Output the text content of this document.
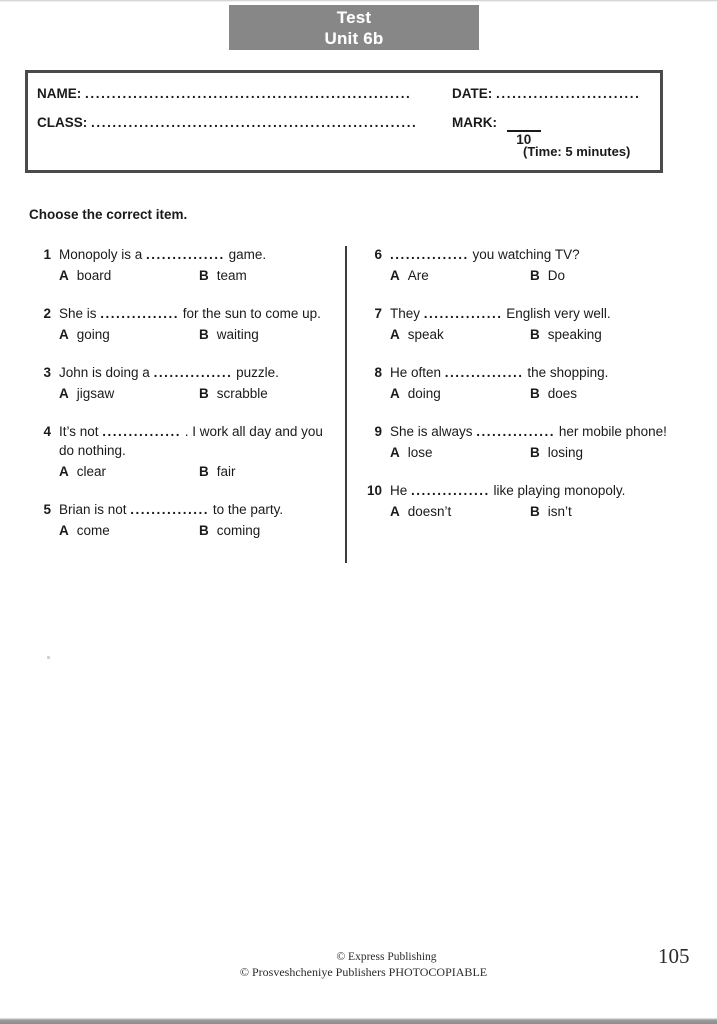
Test
Unit 6b
NAME: .............................................................
CLASS: .............................................................
DATE: ...........................
MARK:
10
(Time: 5 minutes)
Choose the correct item.
1 Monopoly is a ............... game.
A board	B team
2 She is ............... for the sun to come up.
A going	B waiting
3 John is doing a ............... puzzle.
A jigsaw	B scrabble
4 It’s not ............... . I work all day and you do nothing.
A clear	B fair
5 Brian is not ............... to the party.
A come	B coming
6 ............... you watching TV?
A Are	B Do
7 They ............... English very well.
A speak	B speaking
8 He often ............... the shopping.
A doing	B does
9 She is always ............... her mobile phone!
A lose	B losing
10 He ............... like playing monopoly.
A doesn’t	B isn’t
© Express Publishing
© Prosveshcheniye Publishers PHOTOCOPIABLE
105
